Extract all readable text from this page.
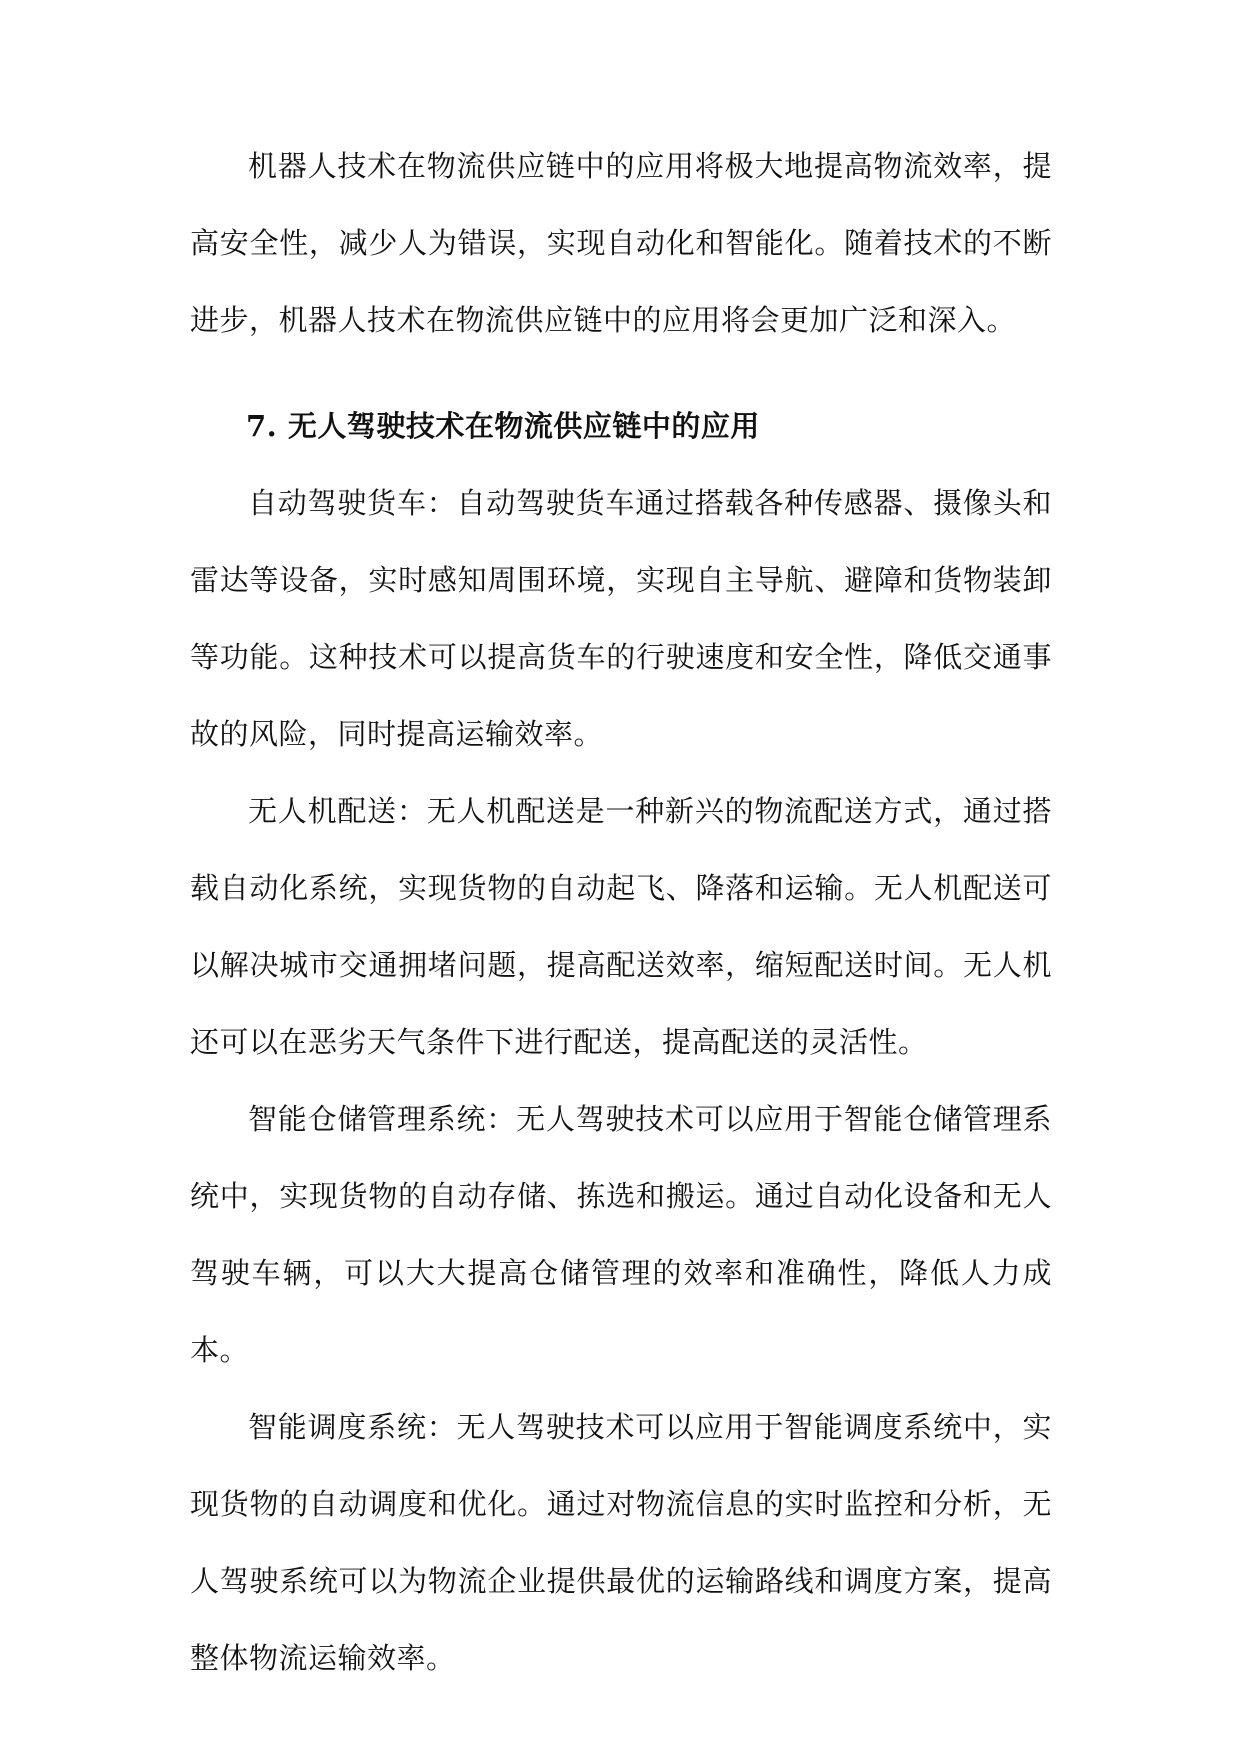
机器人技术在物流供应链中的应用将极大地提高物流效率，提高安全性，减少人为错误，实现自动化和智能化。随着技术的不断进步，机器人技术在物流供应链中的应用将会更加广泛和深入。

7. 无人驾驶技术在物流供应链中的应用

自动驾驶货车：自动驾驶货车通过搭载各种传感器、摄像头和雷达等设备，实时感知周围环境，实现自主导航、避障和货物装卸等功能。这种技术可以提高货车的行驶速度和安全性，降低交通事故的风险，同时提高运输效率。

无人机配送：无人机配送是一种新兴的物流配送方式，通过搭载自动化系统，实现货物的自动起飞、降落和运输。无人机配送可以解决城市交通拥堵问题，提高配送效率，缩短配送时间。无人机还可以在恶劣天气条件下进行配送，提高配送的灵活性。

智能仓储管理系统：无人驾驶技术可以应用于智能仓储管理系统中，实现货物的自动存储、拣选和搬运。通过自动化设备和无人驾驶车辆，可以大大提高仓储管理的效率和准确性，降低人力成本。

智能调度系统：无人驾驶技术可以应用于智能调度系统中，实现货物的自动调度和优化。通过对物流信息的实时监控和分析，无人驾驶系统可以为物流企业提供最优的运输路线和调度方案，提高整体物流运输效率。
